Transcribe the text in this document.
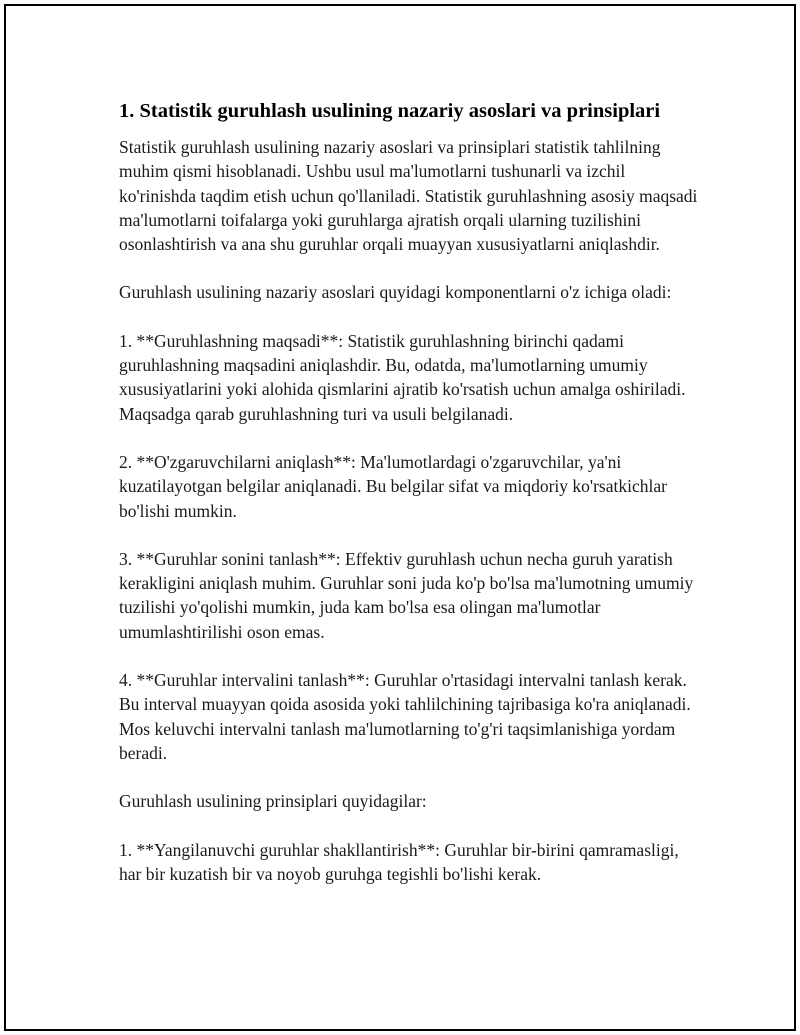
1. Statistik guruhlash usulining nazariy asoslari va prinsiplari

Statistik guruhlash usulining nazariy asoslari va prinsiplari statistik tahlilning muhim qismi hisoblanadi. Ushbu usul ma'lumotlarni tushunarli va izchil ko'rinishda taqdim etish uchun qo'llaniladi. Statistik guruhlashning asosiy maqsadi ma'lumotlarni toifalarga yoki guruhlarga ajratish orqali ularning tuzilishini osonlashtirish va ana shu guruhlar orqali muayyan xususiyatlarni aniqlashdir.

Guruhlash usulining nazariy asoslari quyidagi komponentlarni o'z ichiga oladi:

1. **Guruhlashning maqsadi**: Statistik guruhlashning birinchi qadami guruhlashning maqsadini aniqlashdir. Bu, odatda, ma'lumotlarning umumiy xususiyatlarini yoki alohida qismlarini ajratib ko'rsatish uchun amalga oshiriladi. Maqsadga qarab guruhlashning turi va usuli belgilanadi.

2. **O'zgaruvchilarni aniqlash**: Ma'lumotlardagi o'zgaruvchilar, ya'ni kuzatilayotgan belgilar aniqlanadi. Bu belgilar sifat va miqdoriy ko'rsatkichlar bo'lishi mumkin.

3. **Guruhlar sonini tanlash**: Effektiv guruhlash uchun necha guruh yaratish kerakligini aniqlash muhim. Guruhlar soni juda ko'p bo'lsa ma'lumotning umumiy tuzilishi yo'qolishi mumkin, juda kam bo'lsa esa olingan ma'lumotlar umumlashtirilishi oson emas.

4. **Guruhlar intervalini tanlash**: Guruhlar o'rtasidagi intervalni tanlash kerak. Bu interval muayyan qoida asosida yoki tahlilchining tajribasiga ko'ra aniqlanadi. Mos keluvchi intervalni tanlash ma'lumotlarning to'g'ri taqsimlanishiga yordam beradi.

Guruhlash usulining prinsiplari quyidagilar:

1. **Yangilanuvchi guruhlar shakllantirish**: Guruhlar bir-birini qamramasligi, har bir kuzatish bir va noyob guruhga tegishli bo'lishi kerak.
